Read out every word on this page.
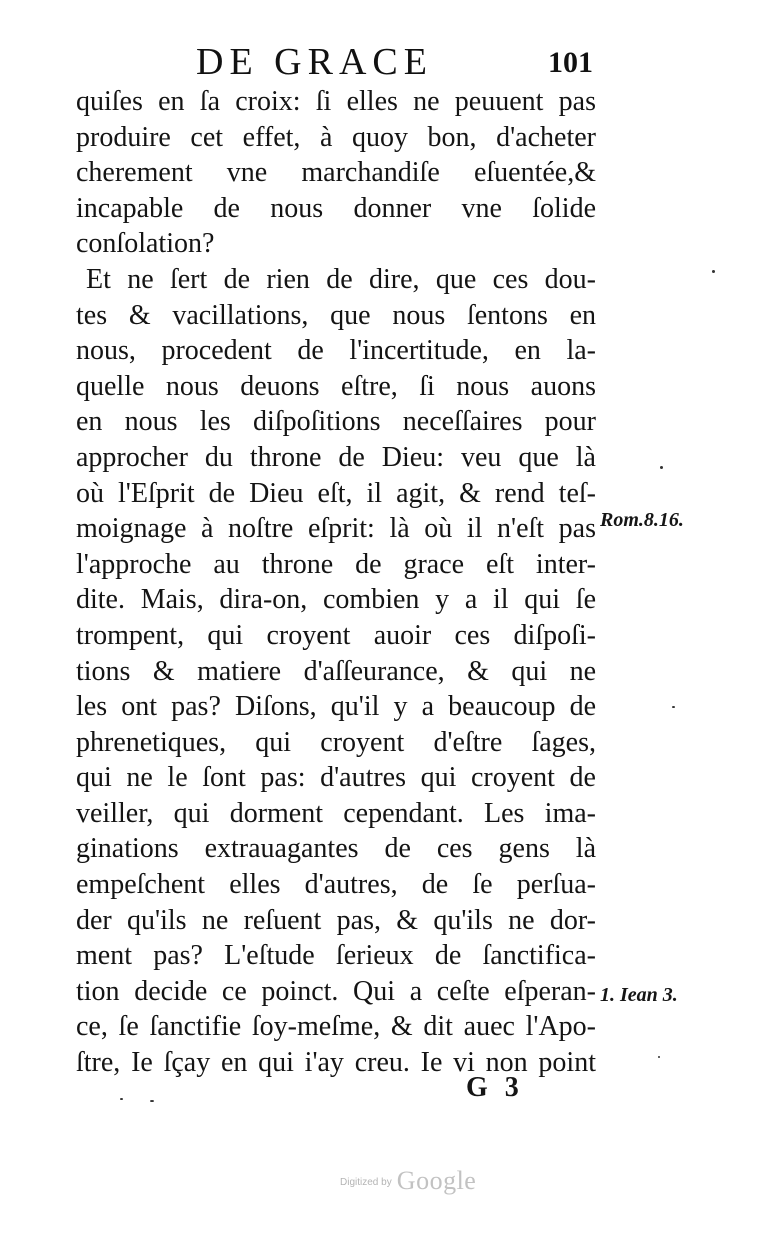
DE GRACE	101
quiſes en ſa croix: ſi elles ne peuuent pas
produire cet effet, à quoy bon, d'acheter
cherement vne marchandiſe eſuentée,&
incapable de nous donner vne ſolide
conſolation?
Et ne ſert de rien de dire, que ces dou-
tes & vacillations, que nous ſentons en
nous, procedent de l'incertitude, en la-
quelle nous deuons eſtre, ſi nous auons
en nous les diſpoſitions neceſſaires pour
approcher du throne de Dieu: veu que là
où l'Eſprit de Dieu eſt, il agit, & rend teſ-
moignage à noſtre eſprit: là où il n'eſt pas
l'approche au throne de grace eſt inter-
dite. Mais, dira-on, combien y a il qui ſe
trompent, qui croyent auoir ces diſpoſi-
tions & matiere d'aſſeurance, & qui ne
les ont pas? Diſons, qu'il y a beaucoup de
phrenetiques, qui croyent d'eſtre ſages,
qui ne le ſont pas: d'autres qui croyent de
veiller, qui dorment cependant. Les ima-
ginations extrauagantes de ces gens là
empeſchent elles d'autres, de ſe perſua-
der qu'ils ne reſuent pas, & qu'ils ne dor-
ment pas? L'eſtude ſerieux de ſanctifica-
tion decide ce poinct. Qui a ceſte eſperan-
ce, ſe ſanctifie ſoy-meſme, & dit auec l'Apo-
ſtre, Ie ſçay en qui i'ay creu. Ie vi non point
Rom.8.16.
1. Iean 3.
G 3
$^{Digitized by}$ Google
